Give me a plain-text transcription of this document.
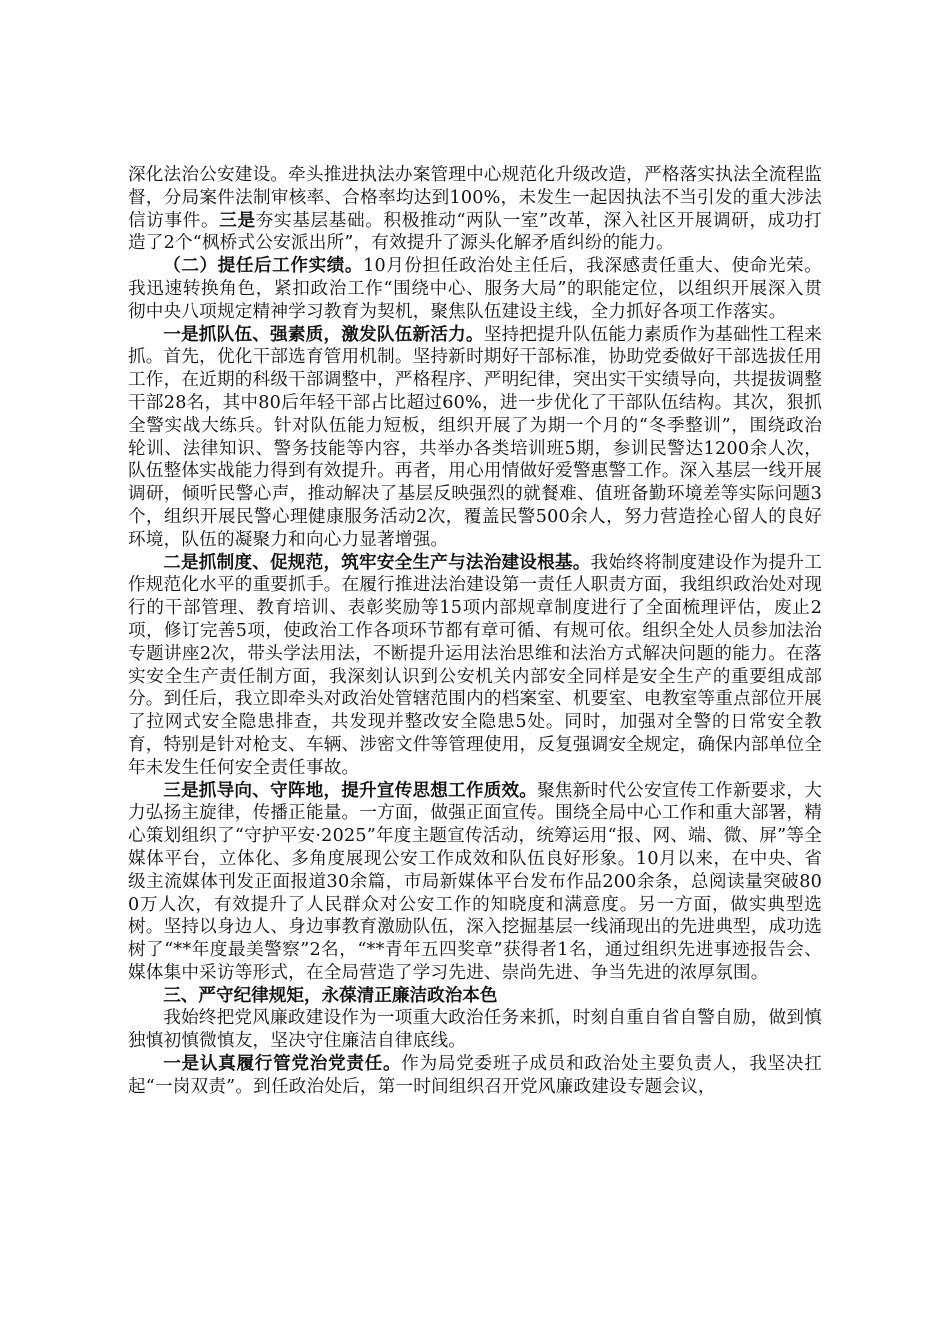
深化法治公安建设。牵头推进执法办案管理中心规范化升级改造，严格落实执法全流程监督，分局案件法制审核率、合格率均达到100%，未发生一起因执法不当引发的重大涉法信访事件。三是夯实基层基础。积极推动“两队一室”改革，深入社区开展调研，成功打造了2个“枫桥式公安派出所”，有效提升了源头化解矛盾纠纷的能力。

（二）提任后工作实绩。10月份担任政治处主任后，我深感责任重大、使命光荣。我迅速转换角色，紧扣政治工作“围绕中心、服务大局”的职能定位，以组织开展深入贯彻中央八项规定精神学习教育为契机，聚焦队伍建设主线，全力抓好各项工作落实。

一是抓队伍、强素质，激发队伍新活力。坚持把提升队伍能力素质作为基础性工程来抓。首先，优化干部选育管用机制。坚持新时期好干部标准，协助党委做好干部选拔任用工作，在近期的科级干部调整中，严格程序、严明纪律，突出实干实绩导向，共提拔调整干部28名，其中80后年轻干部占比超过60%，进一步优化了干部队伍结构。其次，狠抓全警实战大练兵。针对队伍能力短板，组织开展了为期一个月的“冬季整训”，围绕政治轮训、法律知识、警务技能等内容，共举办各类培训班5期，参训民警达1200余人次，队伍整体实战能力得到有效提升。再者，用心用情做好爱警惠警工作。深入基层一线开展调研，倾听民警心声，推动解决了基层反映强烈的就餐难、值班备勤环境差等实际问题3个，组织开展民警心理健康服务活动2次，覆盖民警500余人，努力营造拴心留人的良好环境，队伍的凝聚力和向心力显著增强。

二是抓制度、促规范，筑牢安全生产与法治建设根基。我始终将制度建设作为提升工作规范化水平的重要抓手。在履行推进法治建设第一责任人职责方面，我组织政治处对现行的干部管理、教育培训、表彰奖励等15项内部规章制度进行了全面梳理评估，废止2项，修订完善5项，使政治工作各项环节都有章可循、有规可依。组织全处人员参加法治专题讲座2次，带头学法用法，不断提升运用法治思维和法治方式解决问题的能力。在落实安全生产责任制方面，我深刻认识到公安机关内部安全同样是安全生产的重要组成部分。到任后，我立即牵头对政治处管辖范围内的档案室、机要室、电教室等重点部位开展了拉网式安全隐患排查，共发现并整改安全隐患5处。同时，加强对全警的日常安全教育，特别是针对枪支、车辆、涉密文件等管理使用，反复强调安全规定，确保内部单位全年未发生任何安全责任事故。

三是抓导向、守阵地，提升宣传思想工作质效。聚焦新时代公安宣传工作新要求，大力弘扬主旋律，传播正能量。一方面，做强正面宣传。围绕全局中心工作和重大部署，精心策划组织了“守护平安·2025”年度主题宣传活动，统筹运用“报、网、端、微、屏”等全媒体平台，立体化、多角度展现公安工作成效和队伍良好形象。10月以来，在中央、省级主流媒体刊发正面报道30余篇，市局新媒体平台发布作品200余条，总阅读量突破800万人次，有效提升了人民群众对公安工作的知晓度和满意度。另一方面，做实典型选树。坚持以身边人、身边事教育激励队伍，深入挖掘基层一线涌现出的先进典型，成功选树了“**年度最美警察”2名，“**青年五四奖章”获得者1名，通过组织先进事迹报告会、媒体集中采访等形式，在全局营造了学习先进、崇尚先进、争当先进的浓厚氛围。

三、严守纪律规矩，永葆清正廉洁政治本色

我始终把党风廉政建设作为一项重大政治任务来抓，时刻自重自省自警自励，做到慎独慎初慎微慎友，坚决守住廉洁自律底线。

一是认真履行管党治党责任。作为局党委班子成员和政治处主要负责人，我坚决扛起“一岗双责”。到任政治处后，第一时间组织召开党风廉政建设专题会议，
